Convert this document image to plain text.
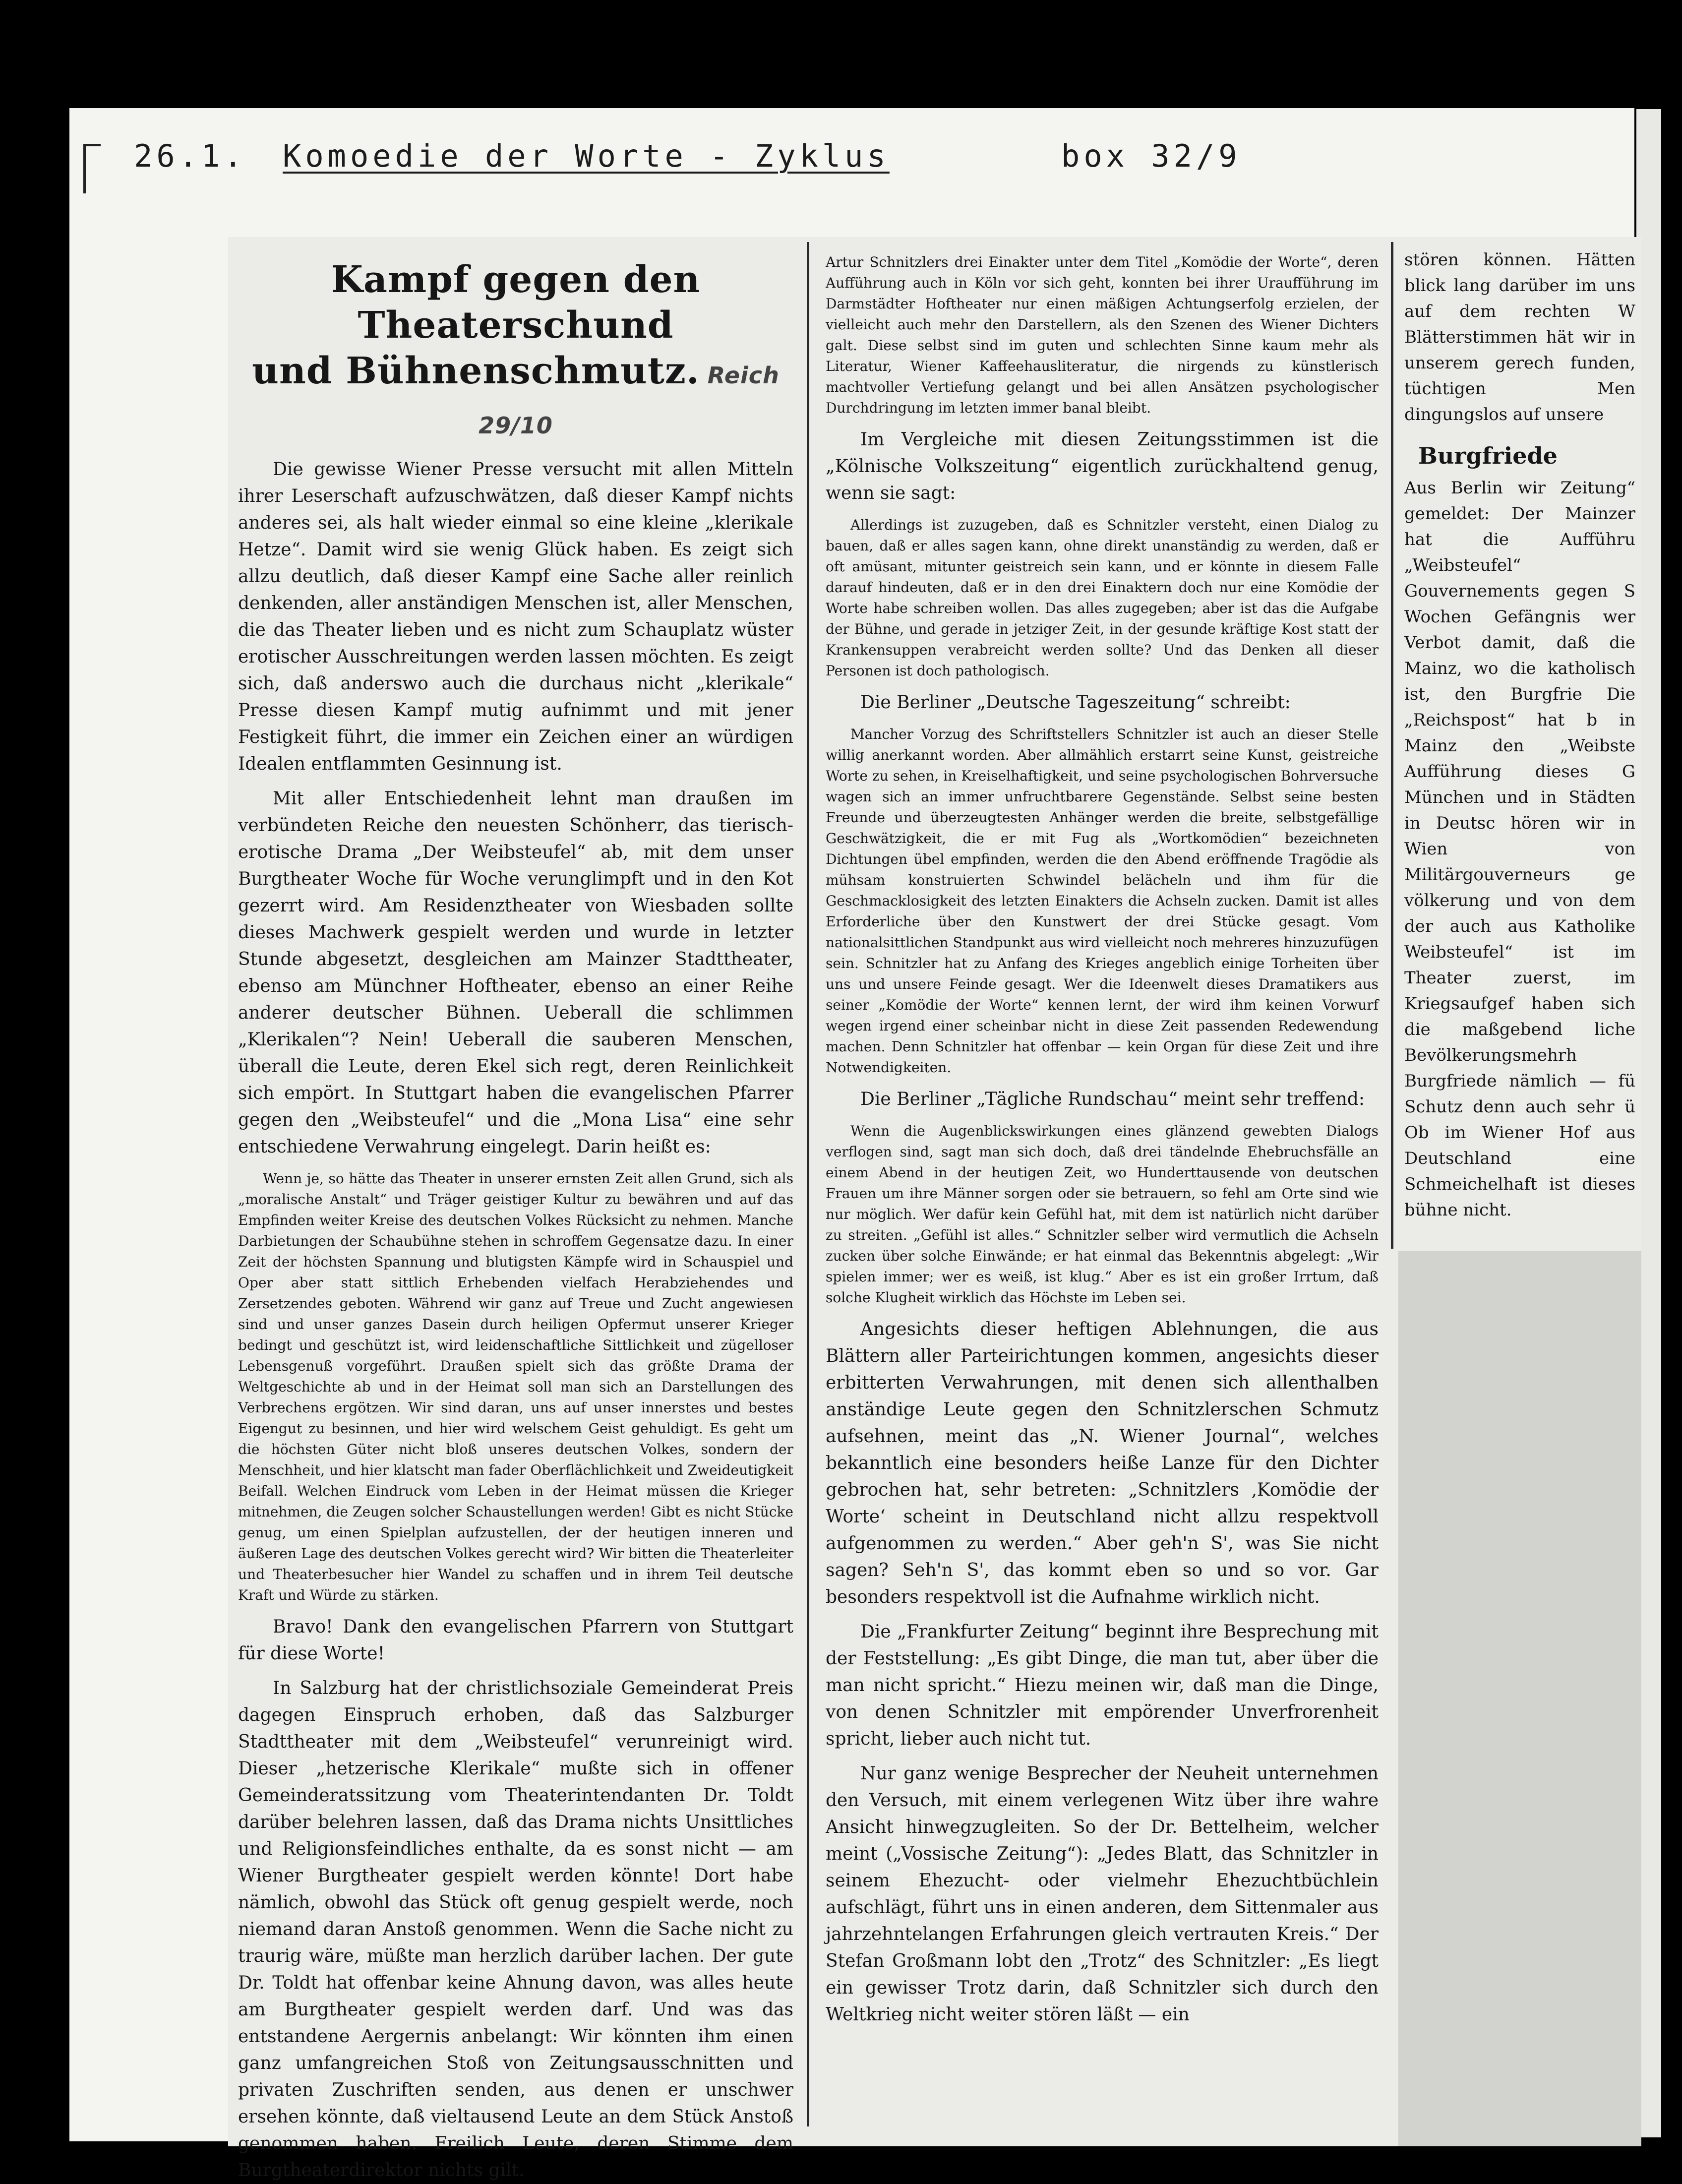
26.1. Komoedie der Worte - Zyklus	box 32/9
Kampf gegen den Theaterschund
und Bühnenschmutz. Reich 29/10

Die gewisse Wiener Presse versucht mit allen Mitteln ihrer Leserschaft aufzuschwätzen, daß dieser Kampf nichts anderes sei, als halt wieder einmal so eine kleine „klerikale Hetze“. Damit wird sie wenig Glück haben. Es zeigt sich allzu deutlich, daß dieser Kampf eine Sache aller reinlich denkenden, aller anständigen Menschen ist, aller Menschen, die das Theater lieben und es nicht zum Schauplatz wüster erotischer Ausschreitungen werden lassen möchten. Es zeigt sich, daß anderswo auch die durchaus nicht „klerikale“ Presse diesen Kampf mutig aufnimmt und mit jener Festigkeit führt, die immer ein Zeichen einer an würdigen Idealen entflammten Gesinnung ist.

Mit aller Entschiedenheit lehnt man draußen im verbündeten Reiche den neuesten Schönherr, das tierisch-erotische Drama „Der Weibsteufel“ ab, mit dem unser Burgtheater Woche für Woche verunglimpft und in den Kot gezerrt wird. Am Residenztheater von Wiesbaden sollte dieses Machwerk gespielt werden und wurde in letzter Stunde abgesetzt, desgleichen am Mainzer Stadttheater, ebenso am Münchner Hoftheater, ebenso an einer Reihe anderer deutscher Bühnen. Ueberall die schlimmen „Klerikalen“? Nein! Ueberall die sauberen Menschen, überall die Leute, deren Ekel sich regt, deren Reinlichkeit sich empört. In Stuttgart haben die evangelischen Pfarrer gegen den „Weibsteufel“ und die „Mona Lisa“ eine sehr entschiedene Verwahrung eingelegt. Darin heißt es:

Wenn je, so hätte das Theater in unserer ernsten Zeit allen Grund, sich als „moralische Anstalt“ und Träger geistiger Kultur zu bewähren und auf das Empfinden weiter Kreise des deutschen Volkes Rücksicht zu nehmen. Manche Darbietungen der Schaubühne stehen in schroffem Gegensatze dazu. In einer Zeit der höchsten Spannung und blutigsten Kämpfe wird in Schauspiel und Oper aber statt sittlich Erhebenden vielfach Herabziehendes und Zersetzendes geboten. Während wir ganz auf Treue und Zucht angewiesen sind und unser ganzes Dasein durch heiligen Opfermut unserer Krieger bedingt und geschützt ist, wird leidenschaftliche Sittlichkeit und zügelloser Lebensgenuß vorgeführt. Draußen spielt sich das größte Drama der Weltgeschichte ab und in der Heimat soll man sich an Darstellungen des Verbrechens ergötzen. Wir sind daran, uns auf unser innerstes und bestes Eigengut zu besinnen, und hier wird welschem Geist gehuldigt. Es geht um die höchsten Güter nicht bloß unseres deutschen Volkes, sondern der Menschheit, und hier klatscht man fader Oberflächlichkeit und Zweideutigkeit Beifall. Welchen Eindruck vom Leben in der Heimat müssen die Krieger mitnehmen, die Zeugen solcher Schaustellungen werden! Gibt es nicht Stücke genug, um einen Spielplan aufzustellen, der der heutigen inneren und äußeren Lage des deutschen Volkes gerecht wird? Wir bitten die Theaterleiter und Theaterbesucher hier Wandel zu schaffen und in ihrem Teil deutsche Kraft und Würde zu stärken.

Bravo! Dank den evangelischen Pfarrern von Stuttgart für diese Worte!

In Salzburg hat der christlichsoziale Gemeinderat Preis dagegen Einspruch erhoben, daß das Salzburger Stadttheater mit dem „Weibsteufel“ verunreinigt wird. Dieser „hetzerische Klerikale“ mußte sich in offener Gemeinderatssitzung vom Theaterintendanten Dr. Toldt darüber belehren lassen, daß das Drama nichts Unsittliches und Religionsfeindliches enthalte, da es sonst nicht — am Wiener Burgtheater gespielt werden könnte! Dort habe nämlich, obwohl das Stück oft genug gespielt werde, noch niemand daran Anstoß genommen. Wenn die Sache nicht zu traurig wäre, müßte man herzlich darüber lachen. Der gute Dr. Toldt hat offenbar keine Ahnung davon, was alles heute am Burgtheater gespielt werden darf. Und was das entstandene Aergernis anbelangt: Wir könnten ihm einen ganz umfangreichen Stoß von Zeitungsausschnitten und privaten Zuschriften senden, aus denen er unschwer ersehen könnte, daß vieltausend Leute an dem Stück Anstoß genommen haben. Freilich Leute, deren Stimme dem Burgtheaterdirektor nichts gilt.

Artur Schnitzlers drei Einakter unter dem Titel „Komödie der Worte“, deren Aufführung auch in Köln vor sich geht, konnten bei ihrer Uraufführung im Darmstädter Hoftheater nur einen mäßigen Achtungserfolg erzielen, der vielleicht auch mehr den Darstellern, als den Szenen des Wiener Dichters galt. Diese selbst sind im guten und schlechten Sinne kaum mehr als Literatur, Wiener Kaffeehausliteratur, die nirgends zu künstlerisch machtvoller Vertiefung gelangt und bei allen Ansätzen psychologischer Durchdringung im letzten immer banal bleibt.

Im Vergleiche mit diesen Zeitungsstimmen ist die „Kölnische Volkszeitung“ eigentlich zurückhaltend genug, wenn sie sagt:

Allerdings ist zuzugeben, daß es Schnitzler versteht, einen Dialog zu bauen, daß er alles sagen kann, ohne direkt unanständig zu werden, daß er oft amüsant, mitunter geistreich sein kann, und er könnte in diesem Falle darauf hindeuten, daß er in den drei Einaktern doch nur eine Komödie der Worte habe schreiben wollen. Das alles zugegeben; aber ist das die Aufgabe der Bühne, und gerade in jetziger Zeit, in der gesunde kräftige Kost statt der Krankensuppen verabreicht werden sollte? Und das Denken all dieser Personen ist doch pathologisch.

Die Berliner „Deutsche Tageszeitung“ schreibt:

Mancher Vorzug des Schriftstellers Schnitzler ist auch an dieser Stelle willig anerkannt worden. Aber allmählich erstarrt seine Kunst, geistreiche Worte zu sehen, in Kreiselhaftigkeit, und seine psychologischen Bohrversuche wagen sich an immer unfruchtbarere Gegenstände. Selbst seine besten Freunde und überzeugtesten Anhänger werden die breite, selbstgefällige Geschwätzigkeit, die er mit Fug als „Wortkomödien“ bezeichneten Dichtungen übel empfinden, werden die den Abend eröffnende Tragödie als mühsam konstruierten Schwindel belächeln und ihm für die Geschmacklosigkeit des letzten Einakters die Achseln zucken. Damit ist alles Erforderliche über den Kunstwert der drei Stücke gesagt. Vom nationalsittlichen Standpunkt aus wird vielleicht noch mehreres hinzuzufügen sein. Schnitzler hat zu Anfang des Krieges angeblich einige Torheiten über uns und unsere Feinde gesagt. Wer die Ideenwelt dieses Dramatikers aus seiner „Komödie der Worte“ kennen lernt, der wird ihm keinen Vorwurf wegen irgend einer scheinbar nicht in diese Zeit passenden Redewendung machen. Denn Schnitzler hat offenbar — kein Organ für diese Zeit und ihre Notwendigkeiten.

Die Berliner „Tägliche Rundschau“ meint sehr treffend:

Wenn die Augenblickswirkungen eines glänzend gewebten Dialogs verflogen sind, sagt man sich doch, daß drei tändelnde Ehebruchsfälle an einem Abend in der heutigen Zeit, wo Hunderttausende von deutschen Frauen um ihre Männer sorgen oder sie betrauern, so fehl am Orte sind wie nur möglich. Wer dafür kein Gefühl hat, mit dem ist natürlich nicht darüber zu streiten. „Gefühl ist alles.“ Schnitzler selber wird vermutlich die Achseln zucken über solche Einwände; er hat einmal das Bekenntnis abgelegt: „Wir spielen immer; wer es weiß, ist klug.“ Aber es ist ein großer Irrtum, daß solche Klugheit wirklich das Höchste im Leben sei.

Angesichts dieser heftigen Ablehnungen, die aus Blättern aller Parteirichtungen kommen, angesichts dieser erbitterten Verwahrungen, mit denen sich allenthalben anständige Leute gegen den Schnitzlerschen Schmutz aufsehnen, meint das „N. Wiener Journal“, welches bekanntlich eine besonders heiße Lanze für den Dichter gebrochen hat, sehr betreten: „Schnitzlers ‚Komödie der Worte‘ scheint in Deutschland nicht allzu respektvoll aufgenommen zu werden.“ Aber geh'n S', was Sie nicht sagen? Seh'n S', das kommt eben so und so vor. Gar besonders respektvoll ist die Aufnahme wirklich nicht.

Die „Frankfurter Zeitung“ beginnt ihre Besprechung mit der Feststellung: „Es gibt Dinge, die man tut, aber über die man nicht spricht.“ Hiezu meinen wir, daß man die Dinge, von denen Schnitzler mit empörender Unverfrorenheit spricht, lieber auch nicht tut.

Nur ganz wenige Besprecher der Neuheit unternehmen den Versuch, mit einem verlegenen Witz über ihre wahre Ansicht hinwegzugleiten. So der Dr. Bettelheim, welcher meint („Vossische Zeitung“): „Jedes Blatt, das Schnitzler in seinem Ehezucht- oder vielmehr Ehezuchtbüchlein aufschlägt, führt uns in einen anderen, dem Sittenmaler aus jahrzehntelangen Erfahrungen gleich vertrauten Kreis.“ Der Stefan Großmann lobt den „Trotz“ des Schnitzler: „Es liegt ein gewisser Trotz darin, daß Schnitzler sich durch den Weltkrieg nicht weiter stören läßt — ein

stören können. Hätten blick lang darüber im uns auf dem rechten W Blätterstimmen hät wir in unserem gerech funden, tüchtigen Men dingungslos auf unsere

Burgfriede

Aus Berlin wir Zeitung“ gemeldet: Der Mainzer hat die Aufführu „Weibsteufel“ Gouvernements gegen S Wochen Gefängnis wer Verbot damit, daß die Mainz, wo die katholisch ist, den Burgfrie Die „Reichspost“ hat b in Mainz den „Weibste Aufführung dieses G München und in Städten in Deutsc hören wir in Wien von Militärgouverneurs ge völkerung und von dem der auch aus Katholike Weibsteufel“ ist im Theater zuerst, im Kriegsaufgef haben sich die maßgebend liche Bevölkerungsmehrh Burgfriede nämlich — fü Schutz denn auch sehr ü Ob im Wiener Hof aus Deutschland eine Schmeichelhaft ist dieses bühne nicht.
